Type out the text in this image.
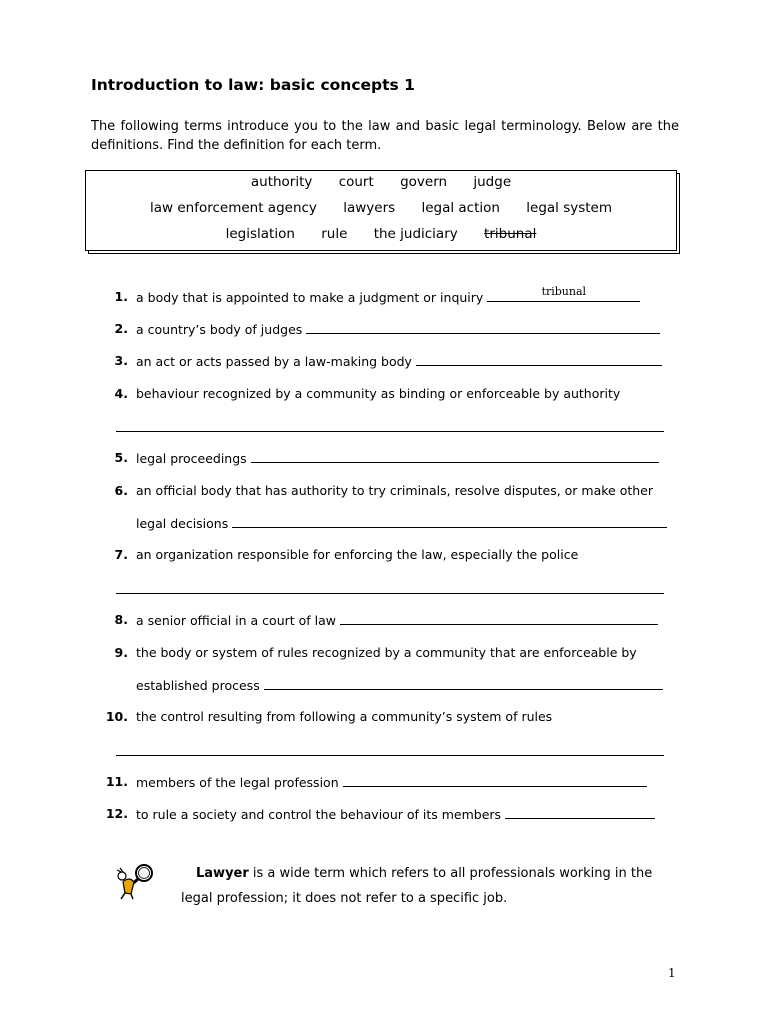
Introduction to law: basic concepts 1
The following terms introduce you to the law and basic legal terminology. Below are the definitions. Find the definition for each term.
authority court govern judge
law enforcement agency lawyers legal action legal system
legislation rule the judiciary tribunal
1. a body that is appointed to make a judgment or inquiry	tribunal
2. a country’s body of judges
3. an act or acts passed by a law-making body
4. behaviour recognized by a community as binding or enforceable by authority
5. legal proceedings
6. an official body that has authority to try criminals, resolve disputes, or make other
legal decisions
7. an organization responsible for enforcing the law, especially the police
8. a senior official in a court of law
9. the body or system of rules recognized by a community that are enforceable by
established process
10. the control resulting from following a community’s system of rules
11. members of the legal profession
12. to rule a society and control the behaviour of its members
Lawyer is a wide term which refers to all professionals working in the legal profession; it does not refer to a specific job.
1
